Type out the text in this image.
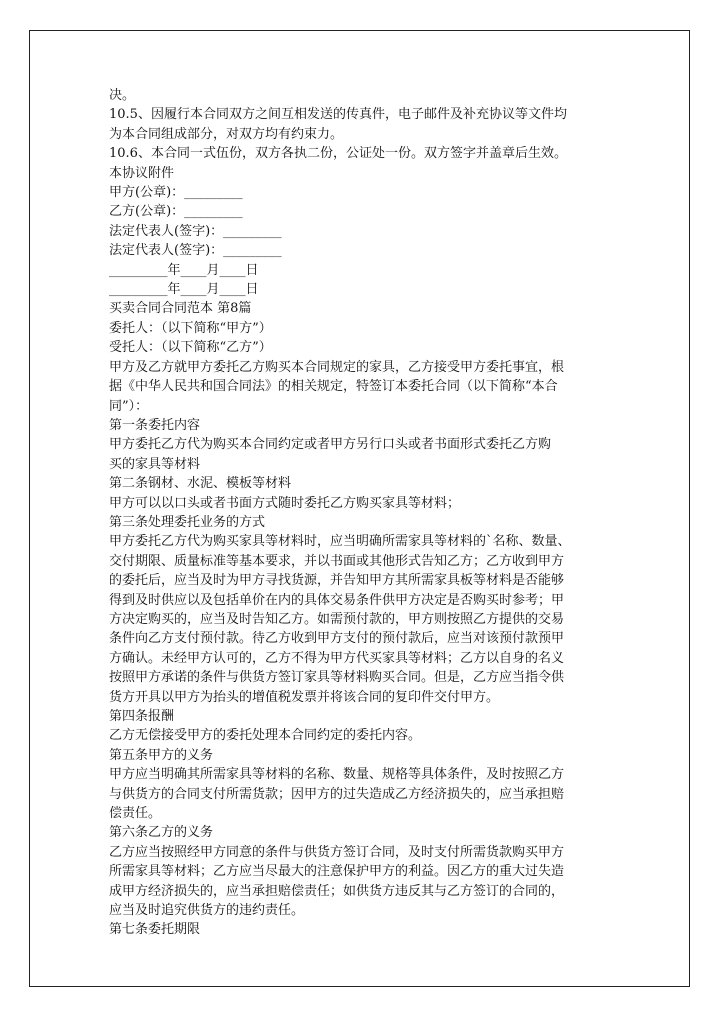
决。

10.5、因履行本合同双方之间互相发送的传真件，电子邮件及补充协议等文件均

为本合同组成部分，对双方均有约束力。

10.6、本合同一式伍份，双方各执二份，公证处一份。双方签字并盖章后生效。

本协议附件

甲方(公章)：_________

乙方(公章)：_________

法定代表人(签字)：_________

法定代表人(签字)：_________

_________年____月____日

_________年____月____日

买卖合同合同范本 第8篇

委托人：（以下简称“甲方”）

受托人：（以下简称“乙方”）

甲方及乙方就甲方委托乙方购买本合同规定的家具，乙方接受甲方委托事宜，根

据《中华人民共和国合同法》的相关规定，特签订本委托合同（以下简称“本合

同”）：

第一条委托内容

甲方委托乙方代为购买本合同约定或者甲方另行口头或者书面形式委托乙方购

买的家具等材料

第二条钢材、水泥、模板等材料

甲方可以以口头或者书面方式随时委托乙方购买家具等材料；

第三条处理委托业务的方式

甲方委托乙方代为购买家具等材料时，应当明确所需家具等材料的`名称、数量、

交付期限、质量标准等基本要求，并以书面或其他形式告知乙方；乙方收到甲方

的委托后，应当及时为甲方寻找货源，并告知甲方其所需家具板等材料是否能够

得到及时供应以及包括单价在内的具体交易条件供甲方决定是否购买时参考；甲

方决定购买的，应当及时告知乙方。如需预付款的，甲方则按照乙方提供的交易

条件向乙方支付预付款。待乙方收到甲方支付的预付款后，应当对该预付款预甲

方确认。未经甲方认可的，乙方不得为甲方代买家具等材料；乙方以自身的名义

按照甲方承诺的条件与供货方签订家具等材料购买合同。但是，乙方应当指令供

货方开具以甲方为抬头的增值税发票并将该合同的复印件交付甲方。

第四条报酬

乙方无偿接受甲方的委托处理本合同约定的委托内容。

第五条甲方的义务

甲方应当明确其所需家具等材料的名称、数量、规格等具体条件，及时按照乙方

与供货方的合同支付所需货款；因甲方的过失造成乙方经济损失的，应当承担赔

偿责任。

第六条乙方的义务

乙方应当按照经甲方同意的条件与供货方签订合同，及时支付所需货款购买甲方

所需家具等材料；乙方应当尽最大的注意保护甲方的利益。因乙方的重大过失造

成甲方经济损失的，应当承担赔偿责任；如供货方违反其与乙方签订的合同的，

应当及时追究供货方的违约责任。

第七条委托期限
